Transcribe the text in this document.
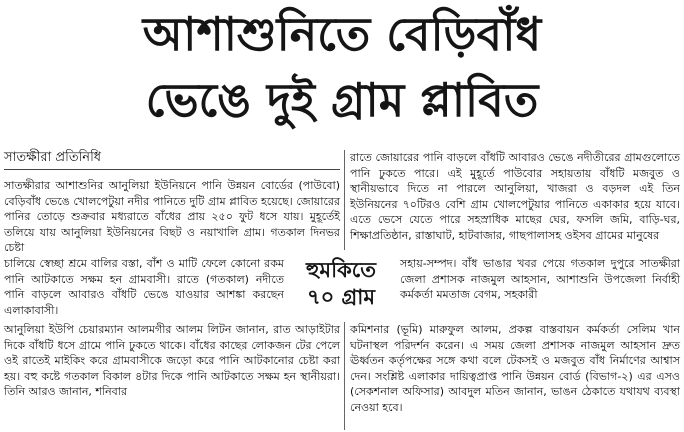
আশাশুনিতে বেড়িবাঁধ
ভেঙে দুই গ্রাম প্লাবিত
সাতক্ষীরা প্রতিনিধি

সাতক্ষীরার আশাশুনির আনুলিয়া ইউনিয়নে পানি উন্নয়ন বোর্ডের (পাউবো) বেড়িবাঁধ ভেঙে খোলপেটুয়া নদীর পানিতে দুটি গ্রাম প্লাবিত হয়েছে। জোয়ারের পানির তোড়ে শুক্রবার মধ্যরাতে বাঁধের প্রায় ২৫০ ফুট ধসে যায়। মুহূর্তেই তলিয়ে যায় আনুলিয়া ইউনিয়নের বিছট ও নয়াখালি গ্রাম। গতকাল দিনভর চেষ্টা

চালিয়ে স্বেচ্ছা শ্রমে বালির বস্তা, বাঁশ ও মাটি ফেলে কোনো রকম পানি আটকাতে সক্ষম হন গ্রামবাসী। রাতে (গতকাল) নদীতে পানি বাড়লে আবারও বাঁধটি ভেঙে যাওয়ার আশঙ্কা করছেন এলাকাবাসী।

আনুলিয়া ইউপি চেয়ারম্যান আলমগীর আলম লিটন জানান, রাত আড়াইটার দিকে বাঁধটি ধসে গ্রামে পানি ঢুকতে থাকে। বাঁধের কাছের লোকজন টের পেলে ওই রাতেই মাইকিং করে গ্রামবাসীকে জড়ো করে পানি আটকানোর চেষ্টা করা হয়। বহু কষ্টে গতকাল বিকাল ৪টার দিকে পানি আটকাতে সক্ষম হন স্থানীয়রা। তিনি আরও জানান, শনিবার

হুমকিতে
৭০ গ্রাম

রাতে জোয়ারের পানি বাড়লে বাঁধটি আবারও ভেঙে নদীতীরের গ্রামগুলোতে পানি ঢুকতে পারে। এই মুহূর্তে পাউবোর সহায়তায় বাঁধটি মজবুত ও স্থানীয়ভাবে দিতে না পারলে আনুলিয়া, খাজরা ও বড়দল এই তিন ইউনিয়নের ৭০টিরও বেশি গ্রাম খোলপেটুয়ার পানিতে একাকার হয়ে যাবে। এতে ভেসে যেতে পারে সহস্রাধিক মাছের ঘের, ফসলি জমি, বাড়ি-ঘর, শিক্ষাপ্রতিষ্ঠান, রাস্তাঘাট, হাটবাজার, গাছপালাসহ ওইসব গ্রামের মানুষের

সহায়-সম্পদ। বাঁধ ভাঙার খবর পেয়ে গতকাল দুপুরে সাতক্ষীরা জেলা প্রশাসক নাজমুল আহসান, আশাশুনি উপজেলা নির্বাহী কর্মকর্তা মমতাজ বেগম, সহকারী

কমিশনার (ভূমি) মারুফুল আলম, প্রকল্প বাস্তবায়ন কর্মকর্তা সেলিম খান ঘটনাস্থল পরিদর্শন করেন। এ সময় জেলা প্রশাসক নাজমুল আহসান দ্রুত ঊর্ধ্বতন কর্তৃপক্ষের সঙ্গে কথা বলে টেকসই ও মজবুত বাঁধ নির্মাণের আশ্বাস দেন। সংশ্লিষ্ট এলাকার দায়িত্বপ্রাপ্ত পানি উন্নয়ন বোর্ড (বিভাগ-২) এর এসও (সেকশনাল অফিসার) আবদুল মতিন জানান, ভাঙন ঠেকাতে যথাযথ ব্যবস্থা নেওয়া হবে।
